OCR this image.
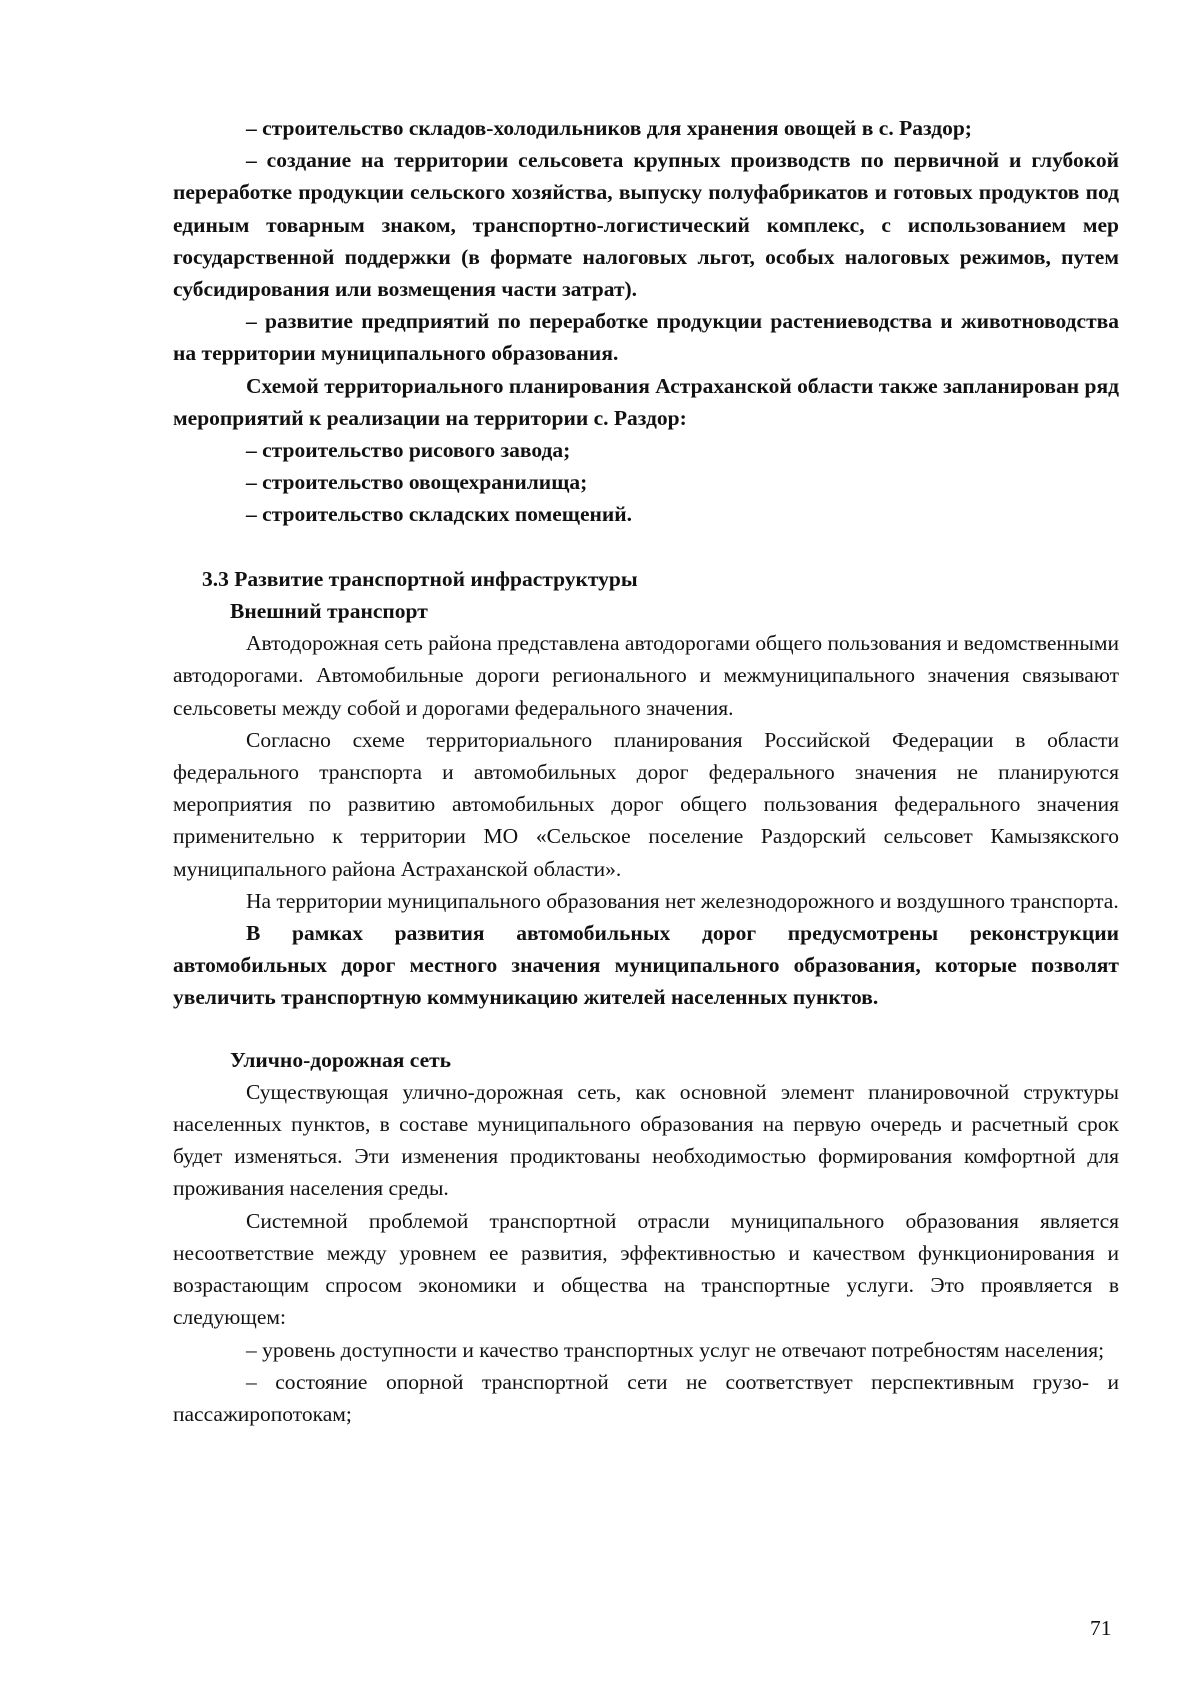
– строительство складов-холодильников для хранения овощей в с. Раздор;

– создание на территории сельсовета крупных производств по первичной и глубокой переработке продукции сельского хозяйства, выпуску полуфабрикатов и готовых продуктов под единым товарным знаком, транспортно-логистический комплекс, с использованием мер государственной поддержки (в формате налоговых льгот, особых налоговых режимов, путем субсидирования или возмещения части затрат).

– развитие предприятий по переработке продукции растениеводства и животноводства на территории муниципального образования.

Схемой территориального планирования Астраханской области также запланирован ряд мероприятий к реализации на территории с. Раздор:

– строительство рисового завода;

– строительство овощехранилища;

– строительство складских помещений.

3.3 Развитие транспортной инфраструктуры

Внешний транспорт

Автодорожная сеть района представлена автодорогами общего пользования и ведомственными автодорогами. Автомобильные дороги регионального и межмуниципального значения связывают сельсоветы между собой и дорогами федерального значения.

Согласно схеме территориального планирования Российской Федерации в области федерального транспорта и автомобильных дорог федерального значения не планируются мероприятия по развитию автомобильных дорог общего пользования федерального значения применительно к территории МО «Сельское поселение Раздорский сельсовет Камызякского муниципального района Астраханской области».

На территории муниципального образования нет железнодорожного и воздушного транспорта.

В рамках развития автомобильных дорог предусмотрены реконструкции автомобильных дорог местного значения муниципального образования, которые позволят увеличить транспортную коммуникацию жителей населенных пунктов.

Улично-дорожная сеть

Существующая улично-дорожная сеть, как основной элемент планировочной структуры населенных пунктов, в составе муниципального образования на первую очередь и расчетный срок будет изменяться. Эти изменения продиктованы необходимостью формирования комфортной для проживания населения среды.

Системной проблемой транспортной отрасли муниципального образования является несоответствие между уровнем ее развития, эффективностью и качеством функционирования и возрастающим спросом экономики и общества на транспортные услуги. Это проявляется в следующем:

– уровень доступности и качество транспортных услуг не отвечают потребностям населения;

– состояние опорной транспортной сети не соответствует перспективным грузо- и пассажиропотокам;

71
